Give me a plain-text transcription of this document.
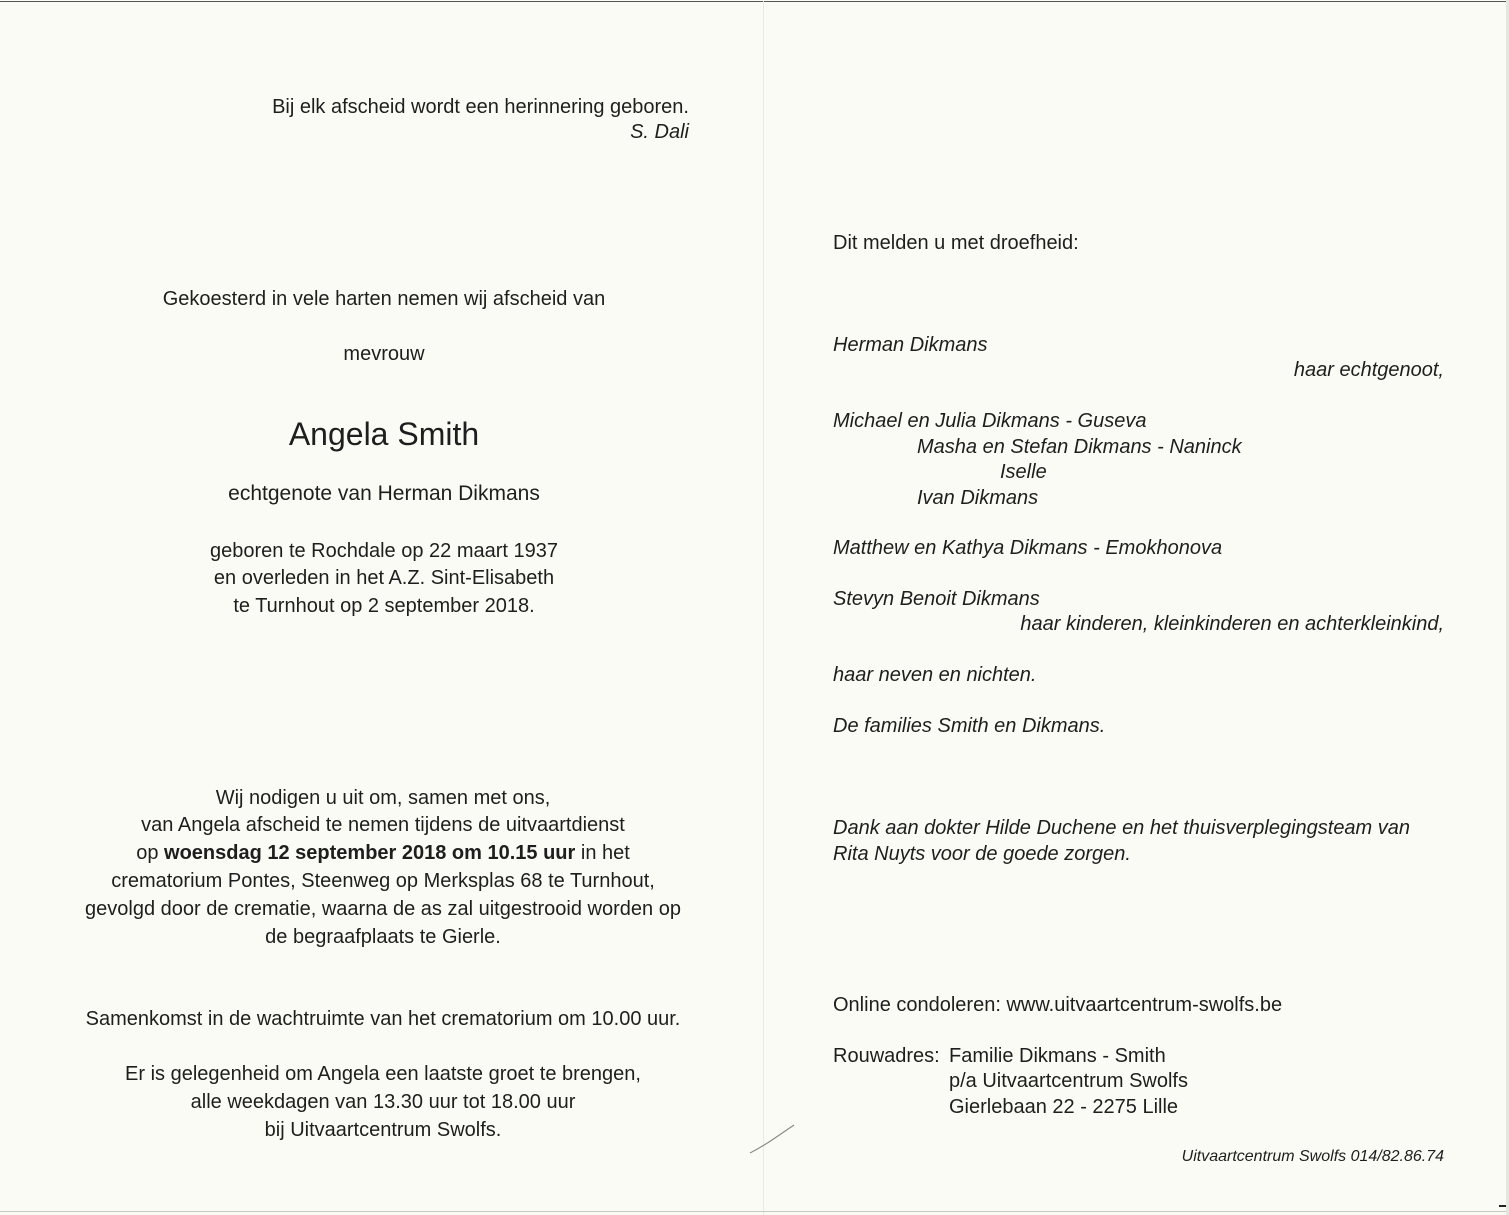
Bij elk afscheid wordt een herinnering geboren.
S. Dali
Gekoesterd in vele harten nemen wij afscheid van
mevrouw
Angela Smith
echtgenote van Herman Dikmans
geboren te Rochdale op 22 maart 1937
en overleden in het A.Z. Sint-Elisabeth
te Turnhout op 2 september 2018.
Wij nodigen u uit om, samen met ons,
van Angela afscheid te nemen tijdens de uitvaartdienst
op woensdag 12 september 2018 om 10.15 uur in het
crematorium Pontes, Steenweg op Merksplas 68 te Turnhout,
gevolgd door de crematie, waarna de as zal uitgestrooid worden op
de begraafplaats te Gierle.
Samenkomst in de wachtruimte van het crematorium om 10.00 uur.
Er is gelegenheid om Angela een laatste groet te brengen,
alle weekdagen van 13.30 uur tot 18.00 uur
bij Uitvaartcentrum Swolfs.
Dit melden u met droefheid:
Herman Dikmans
haar echtgenoot,
Michael en Julia Dikmans - Guseva
Masha en Stefan Dikmans - Naninck
Iselle
Ivan Dikmans
Matthew en Kathya Dikmans - Emokhonova
Stevyn Benoit Dikmans
haar kinderen, kleinkinderen en achterkleinkind,
haar neven en nichten.
De families Smith en Dikmans.
Dank aan dokter Hilde Duchene en het thuisverplegingsteam van
Rita Nuyts voor de goede zorgen.
Online condoleren: www.uitvaartcentrum-swolfs.be
Rouwadres: Familie Dikmans - Smith
p/a Uitvaartcentrum Swolfs
Gierlebaan 22 - 2275 Lille
Uitvaartcentrum Swolfs 014/82.86.74
